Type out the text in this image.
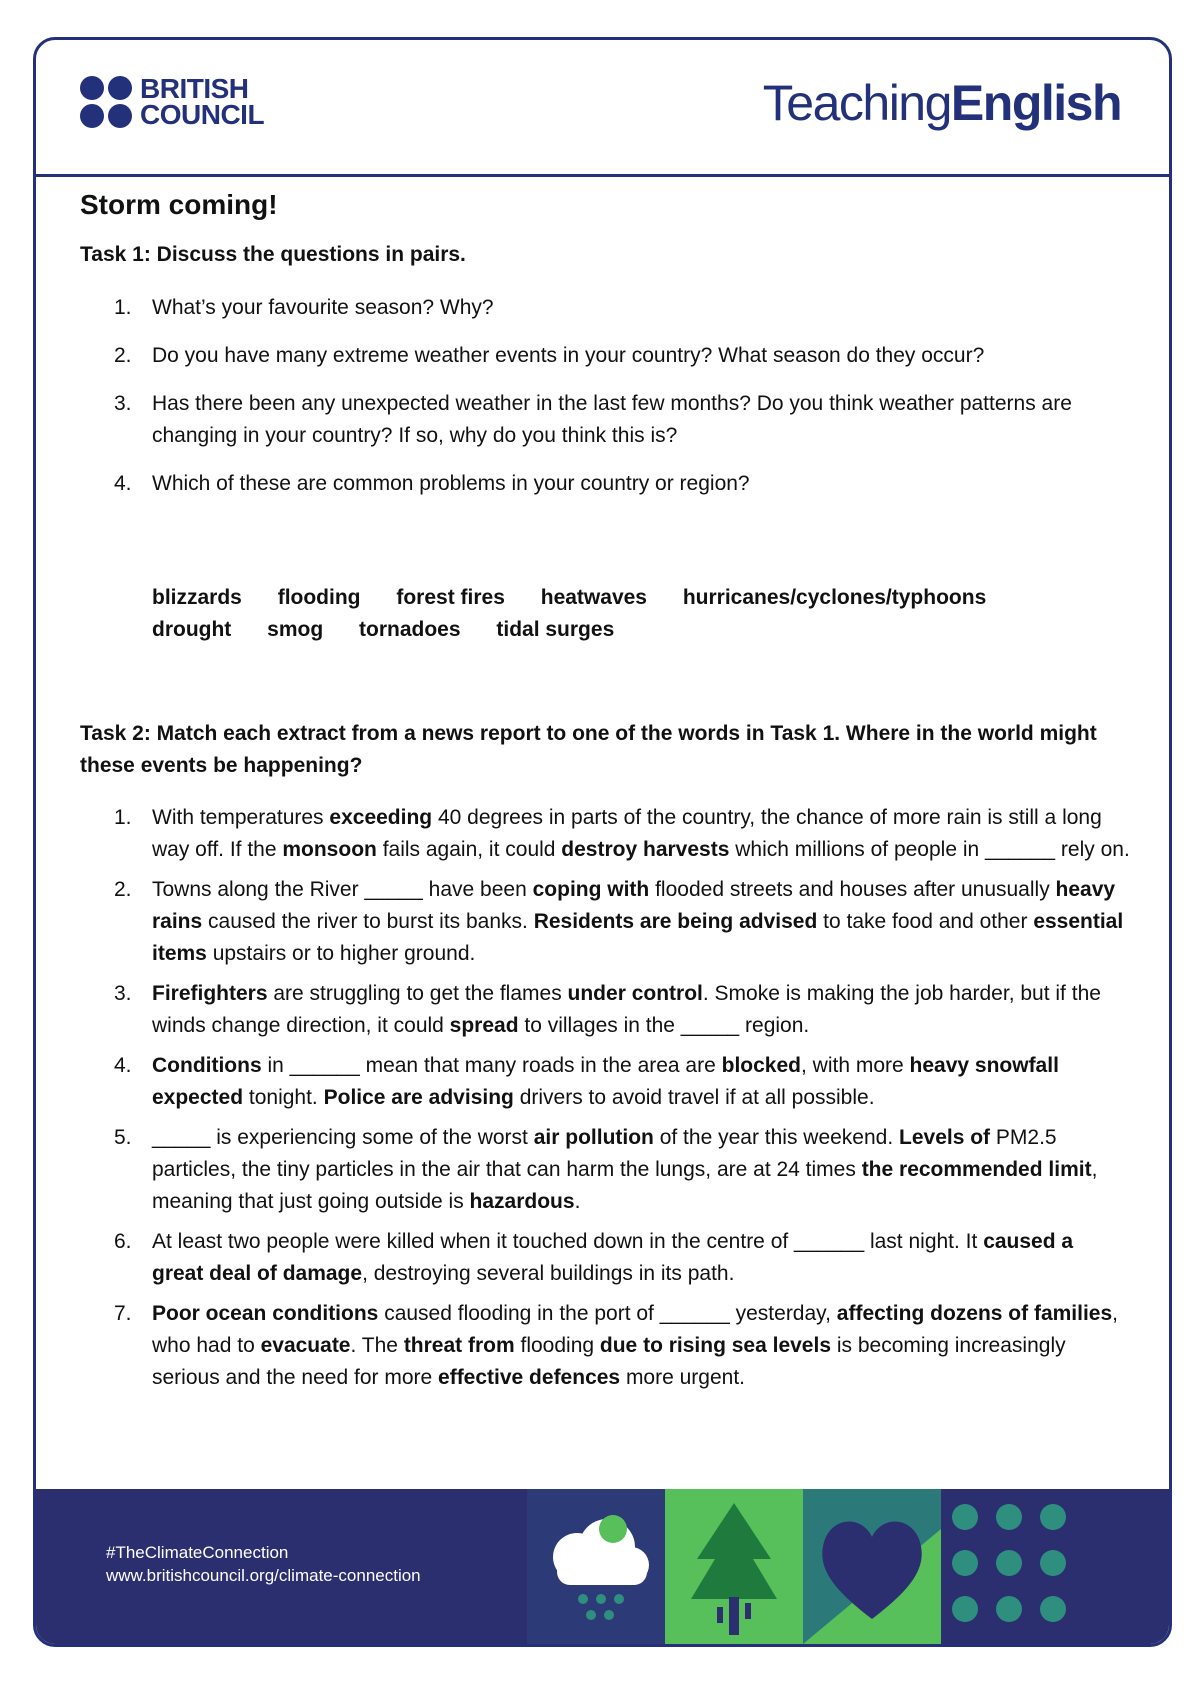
BRITISH
COUNCIL	TeachingEnglish
Storm coming!
Task 1: Discuss the questions in pairs.
1. What’s your favourite season? Why?
2. Do you have many extreme weather events in your country? What season do they occur?
3. Has there been any unexpected weather in the last few months? Do you think weather patterns are changing in your country? If so, why do you think this is?
4. Which of these are common problems in your country or region?
blizzards flooding forest fires heatwaves hurricanes/cyclones/typhoons
drought smog tornadoes tidal surges
Task 2: Match each extract from a news report to one of the words in Task 1. Where in the world might these events be happening?
1. With temperatures exceeding 40 degrees in parts of the country, the chance of more rain is still a long way off. If the monsoon fails again, it could destroy harvests which millions of people in ______ rely on.
2. Towns along the River _____ have been coping with flooded streets and houses after unusually heavy rains caused the river to burst its banks. Residents are being advised to take food and other essential items upstairs or to higher ground.
3. Firefighters are struggling to get the flames under control. Smoke is making the job harder, but if the winds change direction, it could spread to villages in the _____ region.
4. Conditions in ______ mean that many roads in the area are blocked, with more heavy snowfall expected tonight. Police are advising drivers to avoid travel if at all possible.
5. _____ is experiencing some of the worst air pollution of the year this weekend. Levels of PM2.5 particles, the tiny particles in the air that can harm the lungs, are at 24 times the recommended limit, meaning that just going outside is hazardous.
6. At least two people were killed when it touched down in the centre of ______ last night. It caused a great deal of damage, destroying several buildings in its path.
7. Poor ocean conditions caused flooding in the port of ______ yesterday, affecting dozens of families, who had to evacuate. The threat from flooding due to rising sea levels is becoming increasingly serious and the need for more effective defences more urgent.
#TheClimateConnection
www.britishcouncil.org/climate-connection
